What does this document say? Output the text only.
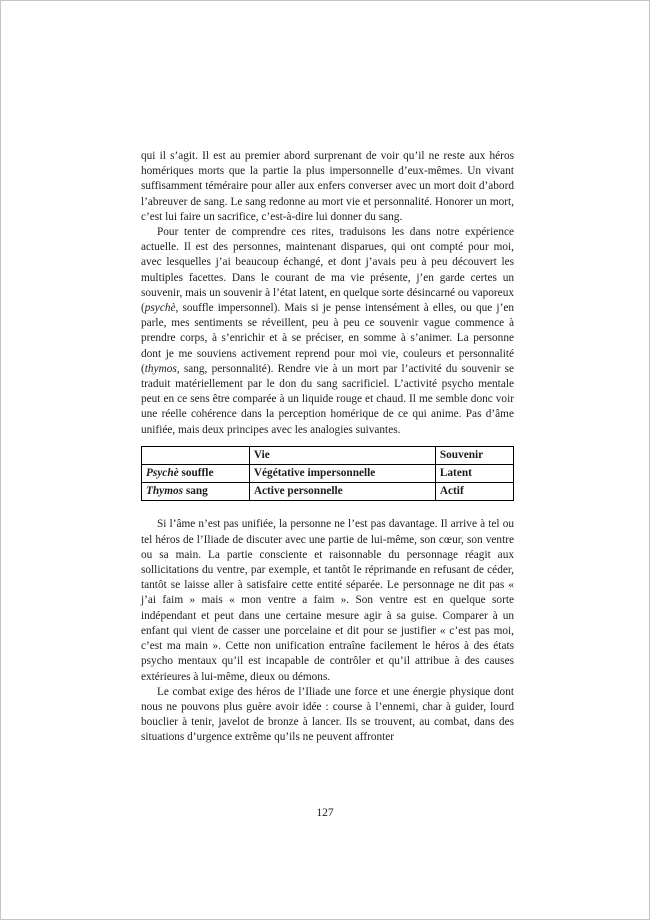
qui il s’agit. Il est au premier abord surprenant de voir qu’il ne reste aux héros homériques morts que la partie la plus impersonnelle d’eux-mêmes. Un vivant suffisamment téméraire pour aller aux enfers converser avec un mort doit d’abord l’abreuver de sang. Le sang redonne au mort vie et personnalité. Honorer un mort, c’est lui faire un sacrifice, c’est-à-dire lui donner du sang.

Pour tenter de comprendre ces rites, traduisons les dans notre expérience actuelle. Il est des personnes, maintenant disparues, qui ont compté pour moi, avec lesquelles j’ai beaucoup échangé, et dont j’avais peu à peu découvert les multiples facettes. Dans le courant de ma vie présente, j’en garde certes un souvenir, mais un souvenir à l’état latent, en quelque sorte désincarné ou vaporeux (psychè, souffle impersonnel). Mais si je pense intensément à elles, ou que j’en parle, mes sentiments se réveillent, peu à peu ce souvenir vague commence à prendre corps, à s’enrichir et à se préciser, en somme à s’animer. La personne dont je me souviens activement reprend pour moi vie, couleurs et personnalité (thymos, sang, personnalité). Rendre vie à un mort par l’activité du souvenir se traduit matériellement par le don du sang sacrificiel. L’activité psycho mentale peut en ce sens être comparée à un liquide rouge et chaud. Il me semble donc voir une réelle cohérence dans la perception homérique de ce qui anime. Pas d’âme unifiée, mais deux principes avec les analogies suivantes.

	Vie	Souvenir
Psychè souffle	Végétative impersonnelle	Latent
Thymos sang	Active personnelle	Actif

Si l’âme n’est pas unifiée, la personne ne l’est pas davantage. Il arrive à tel ou tel héros de l’Iliade de discuter avec une partie de lui-même, son cœur, son ventre ou sa main. La partie consciente et raisonnable du personnage réagit aux sollicitations du ventre, par exemple, et tantôt le réprimande en refusant de céder, tantôt se laisse aller à satisfaire cette entité séparée. Le personnage ne dit pas « j’ai faim » mais « mon ventre a faim ». Son ventre est en quelque sorte indépendant et peut dans une certaine mesure agir à sa guise. Comparer à un enfant qui vient de casser une porcelaine et dit pour se justifier « c’est pas moi, c’est ma main ». Cette non unification entraîne facilement le héros à des états psycho mentaux qu’il est incapable de contrôler et qu’il attribue à des causes extérieures à lui-même, dieux ou démons.

Le combat exige des héros de l’Iliade une force et une énergie physique dont nous ne pouvons plus guère avoir idée : course à l’ennemi, char à guider, lourd bouclier à tenir, javelot de bronze à lancer. Ils se trouvent, au combat, dans des situations d’urgence extrême qu’ils ne peuvent affronter

127
